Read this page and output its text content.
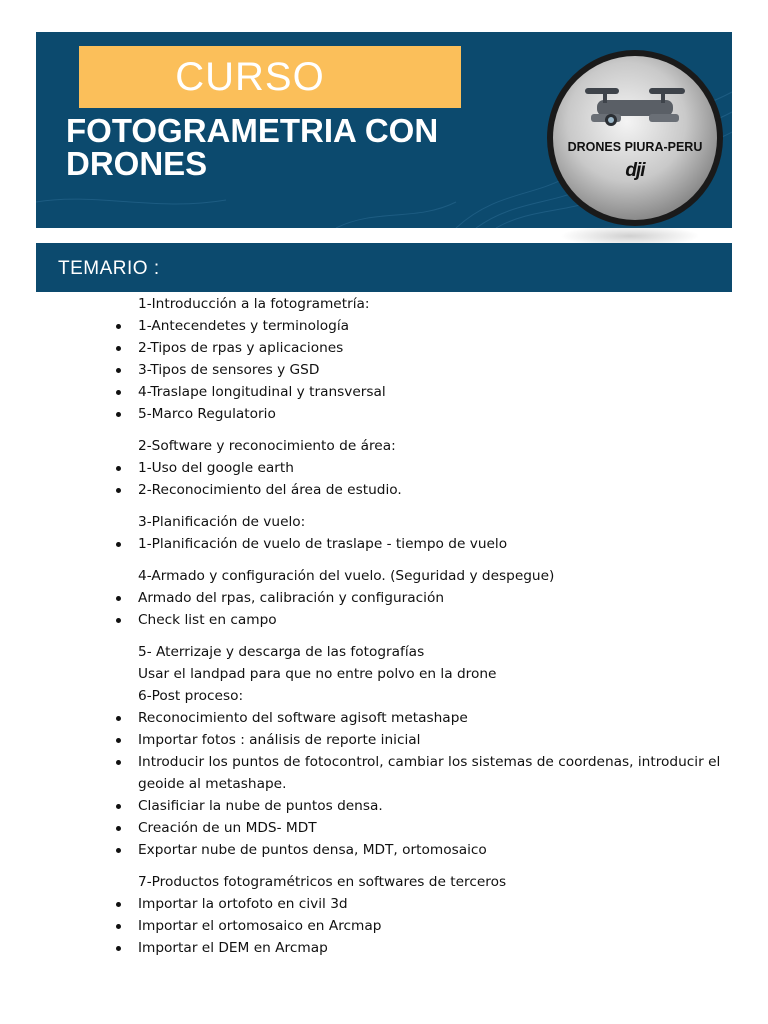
CURSO
FOTOGRAMETRIA CON
DRONES	DRONES PIURA-PERU
dji
TEMARIO :
1-Introducción a la fotogrametría:
1-Antecendetes y terminología
2-Tipos de rpas y aplicaciones
3-Tipos de sensores y GSD
4-Traslape longitudinal y transversal
5-Marco Regulatorio
2-Software y reconocimiento de área:
1-Uso del google earth
2-Reconocimiento del área de estudio.
3-Planificación de vuelo:
1-Planificación de vuelo de traslape - tiempo de vuelo
4-Armado y configuración del vuelo. (Seguridad y despegue)
Armado del rpas, calibración y configuración
Check list en campo
5- Aterrizaje y descarga de las fotografías
Usar el landpad para que no entre polvo en la drone
6-Post proceso:
Reconocimiento del software agisoft metashape
Importar fotos : análisis de reporte inicial
Introducir los puntos de fotocontrol, cambiar los sistemas de coordenas, introducir el geoide al metashape.
Clasificiar la nube de puntos densa.
Creación de un MDS- MDT
Exportar nube de puntos densa, MDT, ortomosaico
7-Productos fotogramétricos en softwares de terceros
Importar la ortofoto en civil 3d
Importar el ortomosaico en Arcmap
Importar el DEM en Arcmap
